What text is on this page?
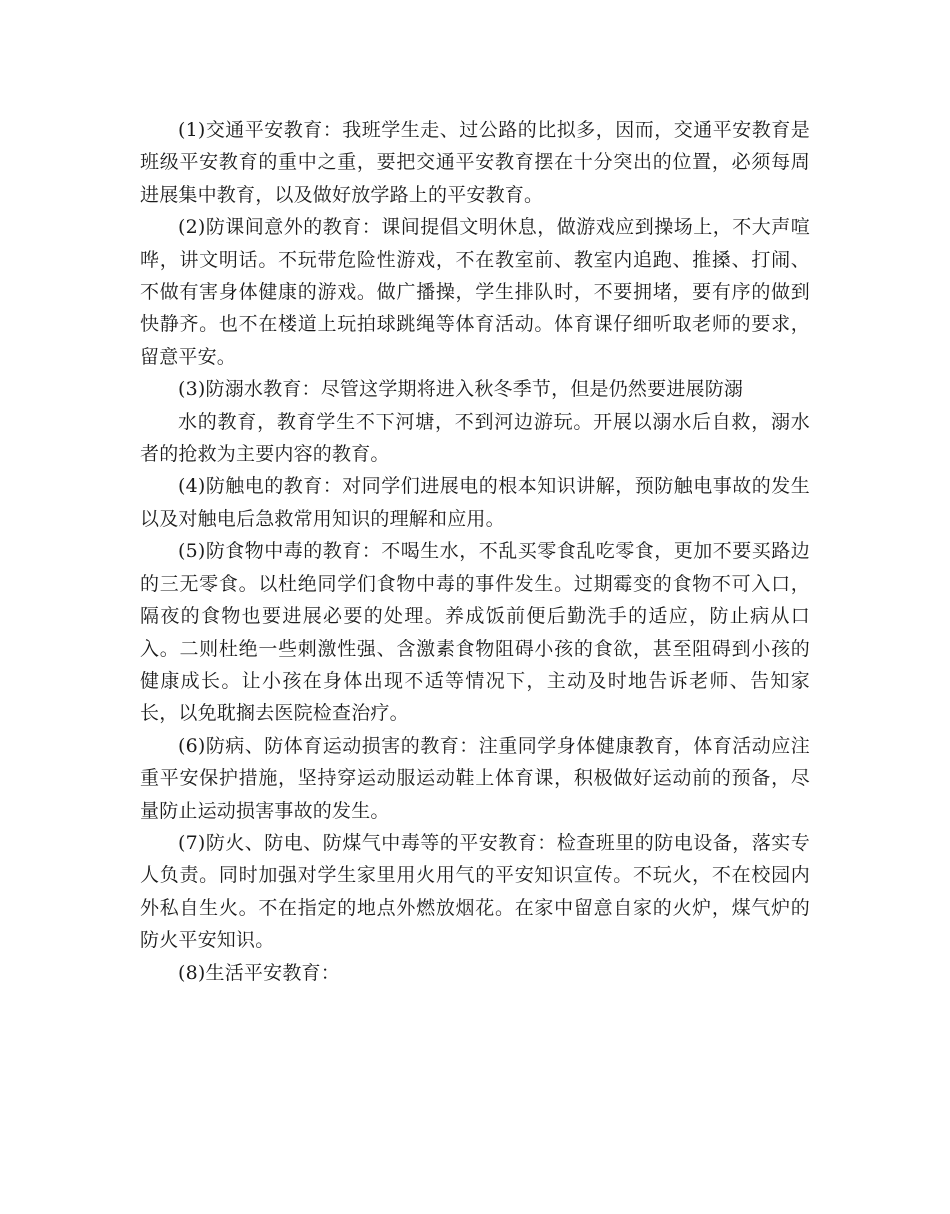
(1)交通平安教育：我班学生走、过公路的比拟多，因而，交通平安教育是班级平安教育的重中之重，要把交通平安教育摆在十分突出的位置，必须每周进展集中教育，以及做好放学路上的平安教育。

(2)防课间意外的教育：课间提倡文明休息，做游戏应到操场上，不大声喧哗，讲文明话。不玩带危险性游戏，不在教室前、教室内追跑、推搡、打闹、不做有害身体健康的游戏。做广播操，学生排队时，不要拥堵，要有序的做到快静齐。也不在楼道上玩拍球跳绳等体育活动。体育课仔细听取老师的要求，留意平安。

(3)防溺水教育：尽管这学期将进入秋冬季节，但是仍然要进展防溺

水的教育，教育学生不下河塘，不到河边游玩。开展以溺水后自救，溺水者的抢救为主要内容的教育。

(4)防触电的教育：对同学们进展电的根本知识讲解，预防触电事故的发生以及对触电后急救常用知识的理解和应用。

(5)防食物中毒的教育：不喝生水，不乱买零食乱吃零食，更加不要买路边的三无零食。以杜绝同学们食物中毒的事件发生。过期霉变的食物不可入口，隔夜的食物也要进展必要的处理。养成饭前便后勤洗手的适应，防止病从口入。二则杜绝一些刺激性强、含激素食物阻碍小孩的食欲，甚至阻碍到小孩的健康成长。让小孩在身体出现不适等情况下，主动及时地告诉老师、告知家长，以免耽搁去医院检查治疗。

(6)防病、防体育运动损害的教育：注重同学身体健康教育，体育活动应注重平安保护措施，坚持穿运动服运动鞋上体育课，积极做好运动前的预备，尽量防止运动损害事故的发生。

(7)防火、防电、防煤气中毒等的平安教育：检查班里的防电设备，落实专人负责。同时加强对学生家里用火用气的平安知识宣传。不玩火，不在校园内外私自生火。不在指定的地点外燃放烟花。在家中留意自家的火炉，煤气炉的防火平安知识。

(8)生活平安教育：
